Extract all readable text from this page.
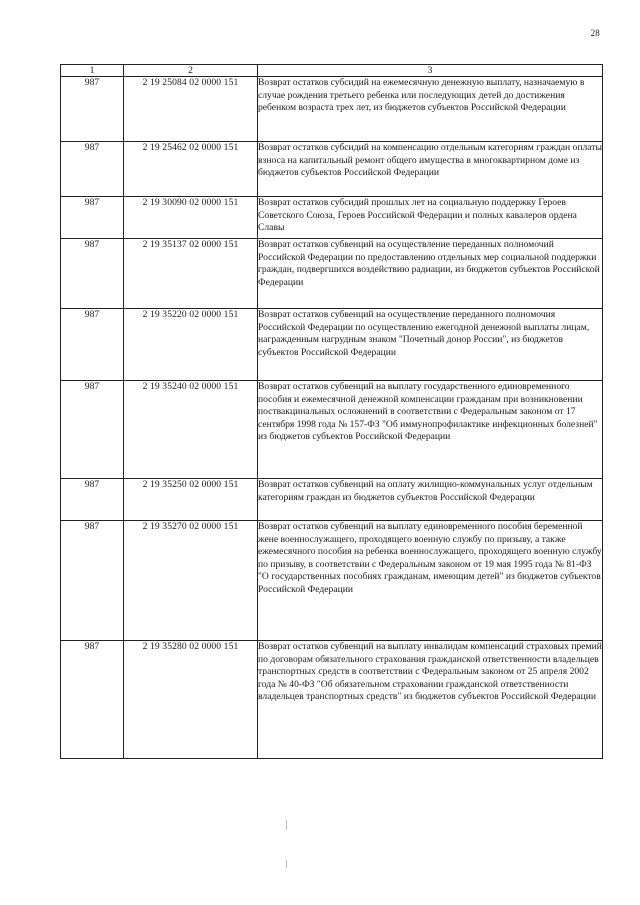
28
1	2	3
987	2 19 25084 02 0000 151	Возврат остатков субсидий на ежемесячную денежную выплату, назначаемую в случае рождения третьего ребенка или последующих детей до достижения ребенком возраста трех лет, из бюджетов субъектов Российской Федерации

987	2 19 25462 02 0000 151	Возврат остатков субсидий на компенсацию отдельным категориям граждан оплаты взноса на капитальный ремонт общего имущества в многоквартирном доме из бюджетов субъектов Российской Федерации

987	2 19 30090 02 0000 151	Возврат остатков субсидий прошлых лет на социальную поддержку Героев Советского Союза, Героев Российской Федерации и полных кавалеров ордена Славы

987	2 19 35137 02 0000 151	Возврат остатков субвенций на осуществление переданных полномочий Российской Федерации по предоставлению отдельных мер социальной поддержки граждан, подвергшихся воздействию радиации, из бюджетов субъектов Российской Федерации

987	2 19 35220 02 0000 151	Возврат остатков субвенций на осуществление переданного полномочия Российской Федерации по осуществлению ежегодной денежной выплаты лицам, награжденным нагрудным знаком "Почетный донор России", из бюджетов субъектов Российской Федерации

987	2 19 35240 02 0000 151	Возврат остатков субвенций на выплату государственного единовременного пособия и ежемесячной денежной компенсации гражданам при возникновении поствакцинальных осложнений в соответствии с Федеральным законом от 17 сентября 1998 года № 157-ФЗ "Об иммунопрофилактике инфекционных болезней" из бюджетов субъектов Российской Федерации

987	2 19 35250 02 0000 151	Возврат остатков субвенций на оплату жилищно-коммунальных услуг отдельным категориям граждан из бюджетов субъектов Российской Федерации

987	2 19 35270 02 0000 151	Возврат остатков субвенций на выплату единовременного пособия беременной жене военнослужащего, проходящего военную службу по призыву, а также ежемесячного пособия на ребенка военнослужащего, проходящего военную службу по призыву, в соответствии с Федеральным законом от 19 мая 1995 года № 81-ФЗ "О государственных пособиях гражданам, имеющим детей" из бюджетов субъектов Российской Федерации

987	2 19 35280 02 0000 151	Возврат остатков субвенций на выплату инвалидам компенсаций страховых премий по договорам обязательного страхования гражданской ответственности владельцев транспортных средств в соответствии с Федеральным законом от 25 апреля 2002 года № 40-ФЗ "Об обязательном страховании гражданской ответственности владельцев транспортных средств" из бюджетов субъектов Российской Федерации
